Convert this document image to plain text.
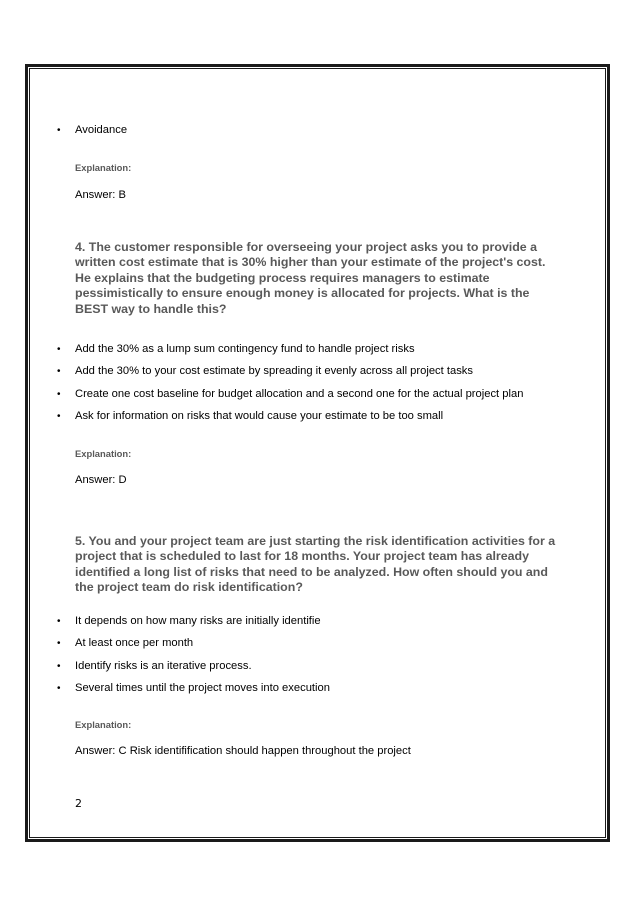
• Avoidance
Explanation:
Answer: B
4. The customer responsible for overseeing your project asks you to provide a
written cost estimate that is 30% higher than your estimate of the project's cost.
He explains that the budgeting process requires managers to estimate
pessimistically to ensure enough money is allocated for projects. What is the
BEST way to handle this?
• Add the 30% as a lump sum contingency fund to handle project risks
• Add the 30% to your cost estimate by spreading it evenly across all project tasks
• Create one cost baseline for budget allocation and a second one for the actual project plan
• Ask for information on risks that would cause your estimate to be too small
Explanation:
Answer: D
5. You and your project team are just starting the risk identification activities for a
project that is scheduled to last for 18 months. Your project team has already
identified a long list of risks that need to be analyzed. How often should you and
the project team do risk identification?
• It depends on how many risks are initially identifie
• At least once per month
• Identify risks is an iterative process.
• Several times until the project moves into execution
Explanation:
Answer: C Risk identifification should happen throughout the project
2
